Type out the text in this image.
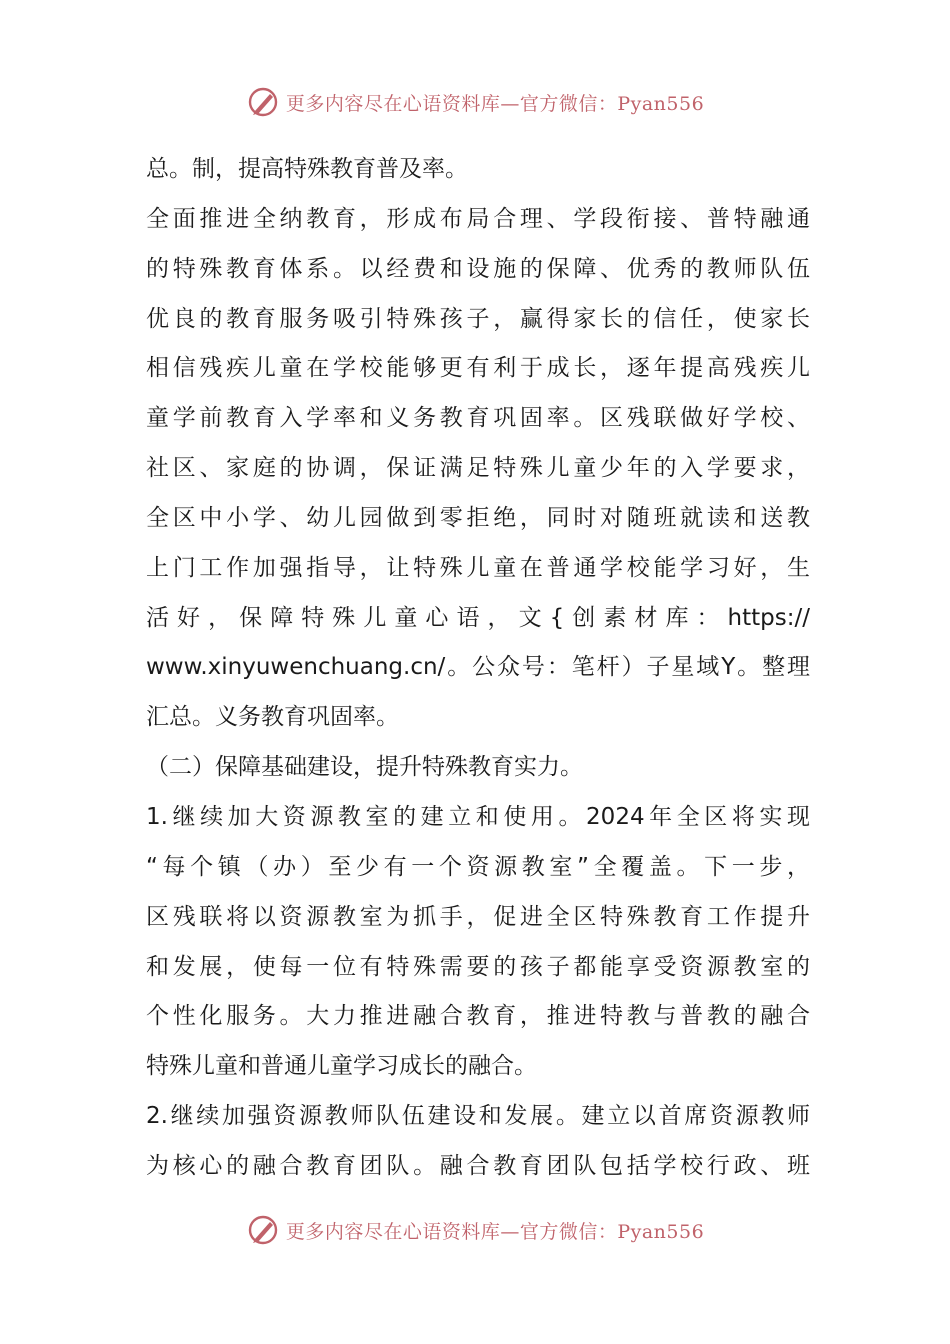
更多内容尽在心语资料库—官方微信：Pyan556
总。制，提高特殊教育普及率。
全面推进全纳教育，形成布局合理、学段衔接、普特融通
的特殊教育体系。以经费和设施的保障、优秀的教师队伍
优良的教育服务吸引特殊孩子，赢得家长的信任，使家长
相信残疾儿童在学校能够更有利于成长，逐年提高残疾儿
童学前教育入学率和义务教育巩固率。区残联做好学校、
社区、家庭的协调，保证满足特殊儿童少年的入学要求，
全区中小学、幼儿园做到零拒绝，同时对随班就读和送教
上门工作加强指导，让特殊儿童在普通学校能学习好，生
活好，保障特殊儿童心语，文{创素材库：https://
www.xinyuwenchuang.cn/。公众号：笔杆）子星域Y。整理
汇总。义务教育巩固率。
（二）保障基础建设，提升特殊教育实力。
1.继续加大资源教室的建立和使用。2024年全区将实现
“每个镇（办）至少有一个资源教室”全覆盖。下一步，
区残联将以资源教室为抓手，促进全区特殊教育工作提升
和发展，使每一位有特殊需要的孩子都能享受资源教室的
个性化服务。大力推进融合教育，推进特教与普教的融合
特殊儿童和普通儿童学习成长的融合。
2.继续加强资源教师队伍建设和发展。建立以首席资源教师
为核心的融合教育团队。融合教育团队包括学校行政、班
更多内容尽在心语资料库—官方微信：Pyan556
